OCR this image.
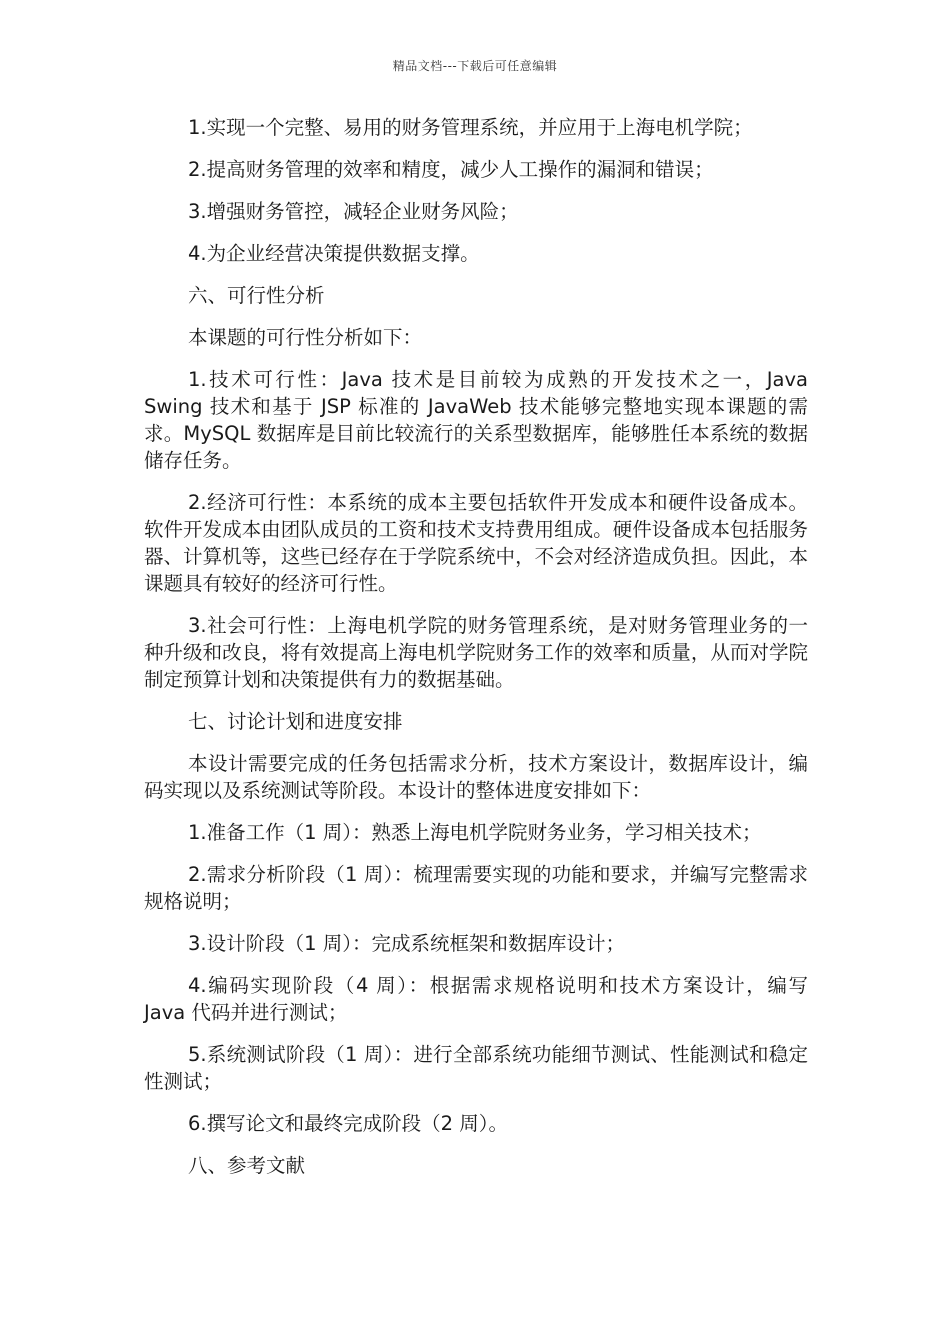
精品文档---下载后可任意编辑

1.实现一个完整、易用的财务管理系统，并应用于上海电机学院；

2.提高财务管理的效率和精度，减少人工操作的漏洞和错误；

3.增强财务管控，减轻企业财务风险；

4.为企业经营决策提供数据支撑。

六、可行性分析

本课题的可行性分析如下：

1.技术可行性：Java 技术是目前较为成熟的开发技术之一，Java Swing 技术和基于 JSP 标准的 JavaWeb 技术能够完整地实现本课题的需求。MySQL 数据库是目前比较流行的关系型数据库，能够胜任本系统的数据储存任务。

2.经济可行性：本系统的成本主要包括软件开发成本和硬件设备成本。软件开发成本由团队成员的工资和技术支持费用组成。硬件设备成本包括服务器、计算机等，这些已经存在于学院系统中，不会对经济造成负担。因此，本课题具有较好的经济可行性。

3.社会可行性：上海电机学院的财务管理系统，是对财务管理业务的一种升级和改良，将有效提高上海电机学院财务工作的效率和质量，从而对学院制定预算计划和决策提供有力的数据基础。

七、讨论计划和进度安排

本设计需要完成的任务包括需求分析，技术方案设计，数据库设计，编码实现以及系统测试等阶段。本设计的整体进度安排如下：

1.准备工作（1 周）：熟悉上海电机学院财务业务，学习相关技术；

2.需求分析阶段（1 周）：梳理需要实现的功能和要求，并编写完整需求规格说明；

3.设计阶段（1 周）：完成系统框架和数据库设计；

4.编码实现阶段（4 周）：根据需求规格说明和技术方案设计，编写 Java 代码并进行测试；

5.系统测试阶段（1 周）：进行全部系统功能细节测试、性能测试和稳定性测试；

6.撰写论文和最终完成阶段（2 周）。

八、参考文献
